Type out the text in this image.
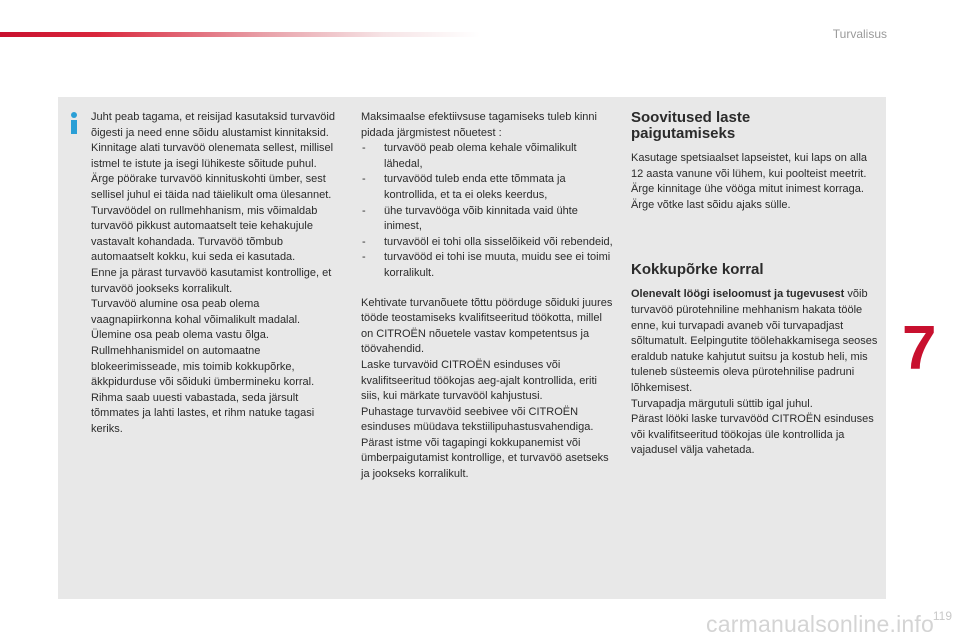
Turvalisus

Juht peab tagama, et reisijad kasutaksid turvavöid õigesti ja need enne sõidu alustamist kinnitaksid.

Kinnitage alati turvavöö olenemata sellest, millisel istmel te istute ja isegi lühikeste sõitude puhul.

Ärge pöörake turvavöö kinnituskohti ümber, sest sellisel juhul ei täida nad täielikult oma ülesannet.

Turvavöödel on rullmehhanism, mis võimaldab turvavöö pikkust automaatselt teie kehakujule vastavalt kohandada. Turvavöö tõmbub automaatselt kokku, kui seda ei kasutada.

Enne ja pärast turvavöö kasutamist kontrollige, et turvavöö jookseks korralikult.

Turvavöö alumine osa peab olema vaagnapiirkonna kohal võimalikult madalal.

Ülemine osa peab olema vastu õlga.

Rullmehhanismidel on automaatne blokeerimisseade, mis toimib kokkupõrke, äkkpidurduse või sõiduki ümbermineku korral. Rihma saab uuesti vabastada, seda järsult tõmmates ja lahti lastes, et rihm natuke tagasi keriks.

Maksimaalse efektiivsuse tagamiseks tuleb kinni pidada järgmistest nõuetest :

- turvavöö peab olema kehale võimalikult lähedal,
- turvavööd tuleb enda ette tõmmata ja kontrollida, et ta ei oleks keerdus,
- ühe turvavööga võib kinnitada vaid ühte inimest,
- turvavööl ei tohi olla sisselõikeid või rebendeid,
- turvavööd ei tohi ise muuta, muidu see ei toimi korralikult.

Kehtivate turvanõuete tõttu pöörduge sõiduki juures tööde teostamiseks kvalifitseeritud töökotta, millel on CITROËN nõuetele vastav kompetentsus ja töövahendid.

Laske turvavöid CITROËN esinduses või kvalifitseeritud töökojas aeg-ajalt kontrollida, eriti siis, kui märkate turvavööl kahjustusi.

Puhastage turvavöid seebivee või CITROËN esinduses müüdava tekstiilipuhastusvahendiga.

Pärast istme või tagapingi kokkupanemist või ümberpaigutamist kontrollige, et turvavöö asetseks ja jookseks korralikult.

Soovitused laste paigutamiseks

Kasutage spetsiaalset lapseistet, kui laps on alla 12 aasta vanune või lühem, kui poolteist meetrit.

Ärge kinnitage ühe vööga mitut inimest korraga.

Ärge võtke last sõidu ajaks sülle.

Kokkupõrke korral

Olenevalt löögi iseloomust ja tugevusest võib turvavöö pürotehniline mehhanism hakata tööle enne, kui turvapadi avaneb või turvapadjast sõltumatult. Eelpingutite töölehakkamisega seoses eraldub natuke kahjutut suitsu ja kostub heli, mis tuleneb süsteemis oleva pürotehnilise padruni lõhkemisest.

Turvapadja märgutuli süttib igal juhul.

Pärast lööki laske turvavööd CITROËN esinduses või kvalifitseeritud töökojas üle kontrollida ja vajadusel välja vahetada.

7
carmanualsonline.info
119
